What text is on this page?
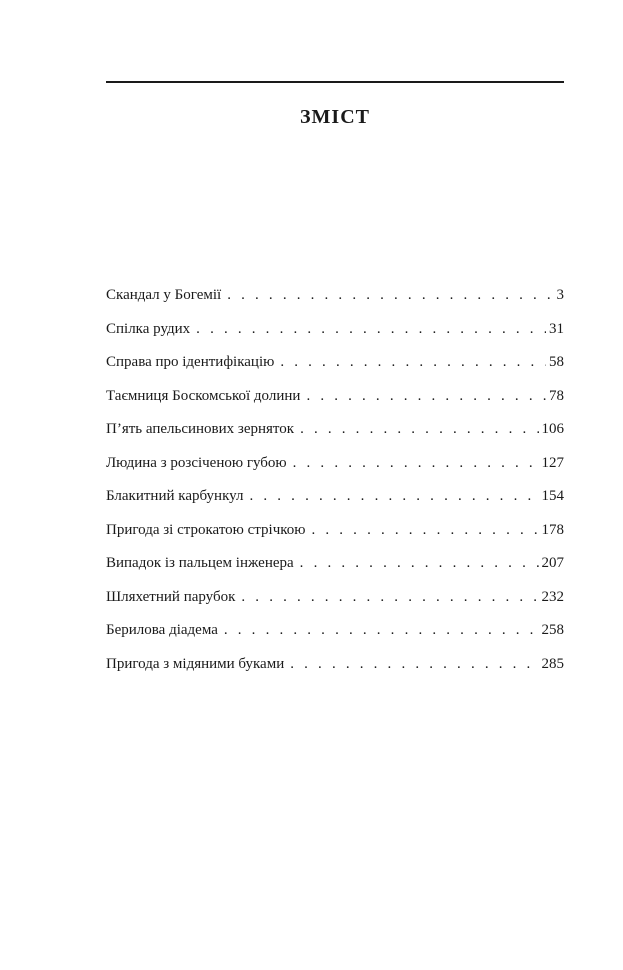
ЗМІСТ
Скандал у Богемії . . .	3
Спілка рудих . . .	31
Справа про ідентифікацію . . .	58
Таємниця Боскомської долини . . .	78
П’ять апельсинових зерняток . . .	106
Людина з розсіченою губою . . .	127
Блакитний карбункул . . .	154
Пригода зі строкатою стрічкою . . .	178
Випадок із пальцем інженера . . .	207
Шляхетний парубок . . .	232
Берилова діадема . . .	258
Пригода з мідяними буками . . .	285
